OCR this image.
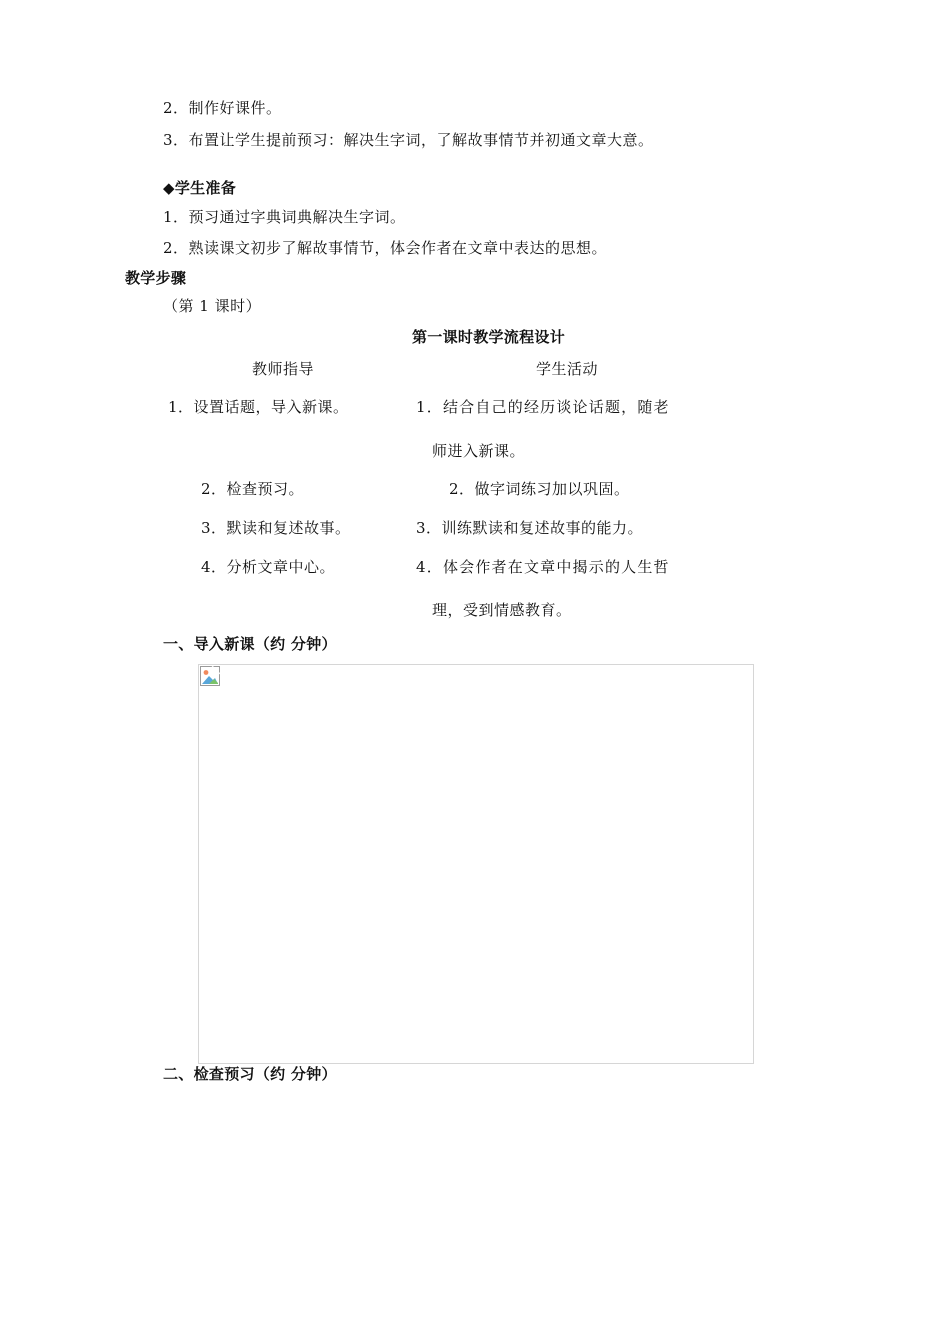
2．制作好课件。
3．布置让学生提前预习：解决生字词，了解故事情节并初通文章大意。
◆学生准备
1．预习通过字典词典解决生字词。
2．熟读课文初步了解故事情节，体会作者在文章中表达的思想。
教学步骤
（第 1 课时）
第一课时教学流程设计
教师指导	学生活动
1．设置话题，导入新课。	1．结合自己的经历谈论话题，随老
师进入新课。
2．检查预习。	2．做字词练习加以巩固。
3．默读和复述故事。	3．训练默读和复述故事的能力。
4．分析文章中心。	4．体会作者在文章中揭示的人生哲
理，受到情感教育。
一、导入新课（约 分钟）
二、检查预习（约 分钟）
